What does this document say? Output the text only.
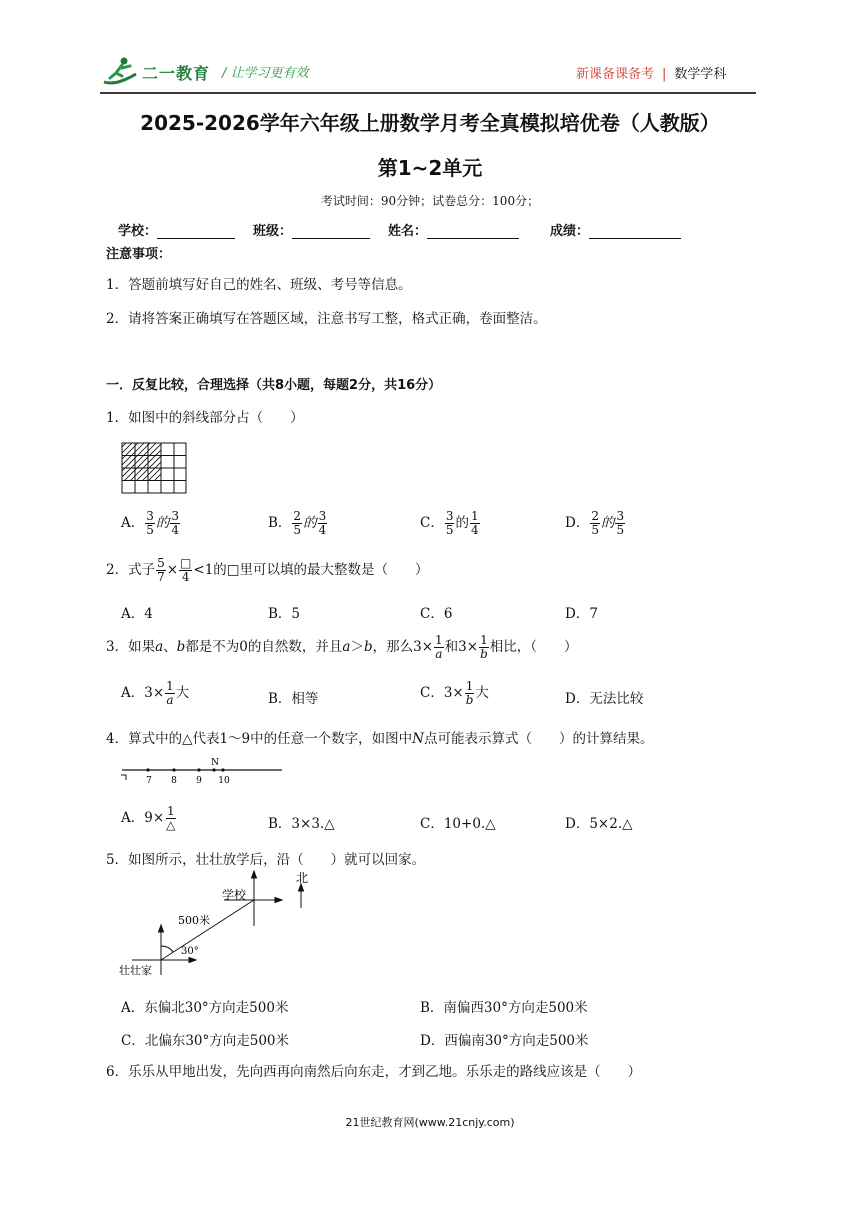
二一教育 / 让学习更有效	新课备课备考 | 数学学科
2025-2026学年六年级上册数学月考全真模拟培优卷（人教版）
第1~2单元
考试时间：90分钟；试卷总分：100分；
学校：	班级：	姓名：	成绩：
注意事项：
1．答题前填写好自己的姓名、班级、考号等信息。
2．请将答案正确填写在答题区域，注意书写工整，格式正确，卷面整洁。
一．反复比较，合理选择（共8小题，每题2分，共16分）
1．如图中的斜线部分占（　　）
A． $\frac{3}{5}$ 的 $\frac{3}{4}$	B． $\frac{2}{5}$ 的 $\frac{3}{4}$	C． $\frac{3}{5}$ 的 $\frac{1}{4}$	D． $\frac{2}{5}$ 的 $\frac{3}{5}$
2．式子 $\frac{5}{7} \times \frac{□}{4} <1$的□里可以填的最大整数是（　　）
A．4	B．5	C．6	D．7
3．如果a、b都是不为0的自然数，并且a＞b，那么$3\times \frac{1}{a}$ 和$3\times \frac{1}{b}$ 相比，（　　）
A．$3\times \frac{1}{a}$ 大	B．相等	C．$3\times \frac{1}{b}$ 大	D．无法比较
4．算式中的△代表1～9中的任意一个数字，如图中N点可能表示算式（　　）的计算结果。
N
7 8 9 10
A．$9\times \frac{1}{\triangle}$	B．3×3.△	C．10+0.△	D．5×2.△
5．如图所示，壮壮放学后，沿（　　）就可以回家。
学校
北
500米
30°
壮壮家
A．东偏北30°方向走500米	B．南偏西30°方向走500米
C．北偏东30°方向走500米	D．西偏南30°方向走500米
6．乐乐从甲地出发，先向西再向南然后向东走，才到乙地。乐乐走的路线应该是（　　）
21世纪教育网(www.21cnjy.com)
